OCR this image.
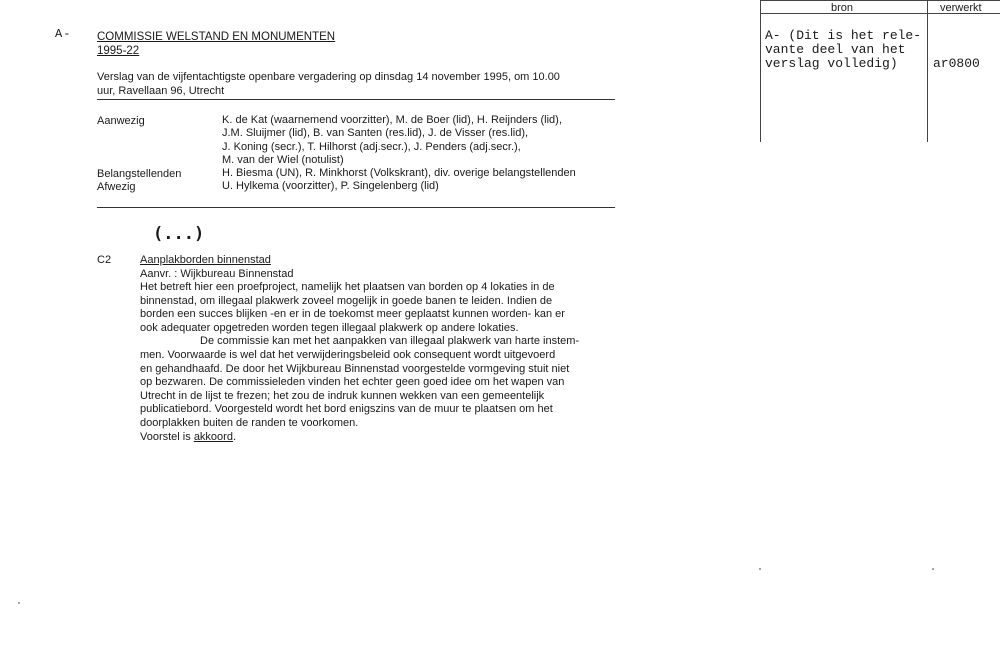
bron	verwerkt
A- (Dit is het rele-
vante deel van het
verslag volledig)	ar0800
A- COMMISSIE WELSTAND EN MONUMENTEN
1995-22
Verslag van de vijfentachtigste openbare vergadering op dinsdag 14 november 1995, om 10.00
uur, Ravellaan 96, Utrecht
Aanwezig	K. de Kat (waarnemend voorzitter), M. de Boer (lid), H. Reijnders (lid),
J.M. Sluijmer (lid), B. van Santen (res.lid), J. de Visser (res.lid),
J. Koning (secr.), T. Hilhorst (adj.secr.), J. Penders (adj.secr.),
M. van der Wiel (notulist)
Belangstellenden	H. Biesma (UN), R. Minkhorst (Volkskrant), div. overige belangstellenden
Afwezig	U. Hylkema (voorzitter), P. Singelenberg (lid)
(...)
C2	Aanplakborden binnenstad
Aanvr. : Wijkbureau Binnenstad
Het betreft hier een proefproject, namelijk het plaatsen van borden op 4 lokaties in de
binnenstad, om illegaal plakwerk zoveel mogelijk in goede banen te leiden. Indien de
borden een succes blijken -en er in de toekomst meer geplaatst kunnen worden- kan er
ook adequater opgetreden worden tegen illegaal plakwerk op andere lokaties.
De commissie kan met het aanpakken van illegaal plakwerk van harte instem-
men. Voorwaarde is wel dat het verwijderingsbeleid ook consequent wordt uitgevoerd
en gehandhaafd. De door het Wijkbureau Binnenstad voorgestelde vormgeving stuit niet
op bezwaren. De commissieleden vinden het echter geen goed idee om het wapen van
Utrecht in de lijst te frezen; het zou de indruk kunnen wekken van een gemeentelijk
publicatiebord. Voorgesteld wordt het bord enigszins van de muur te plaatsen om het
doorplakken buiten de randen te voorkomen.
Voorstel is akkoord.
